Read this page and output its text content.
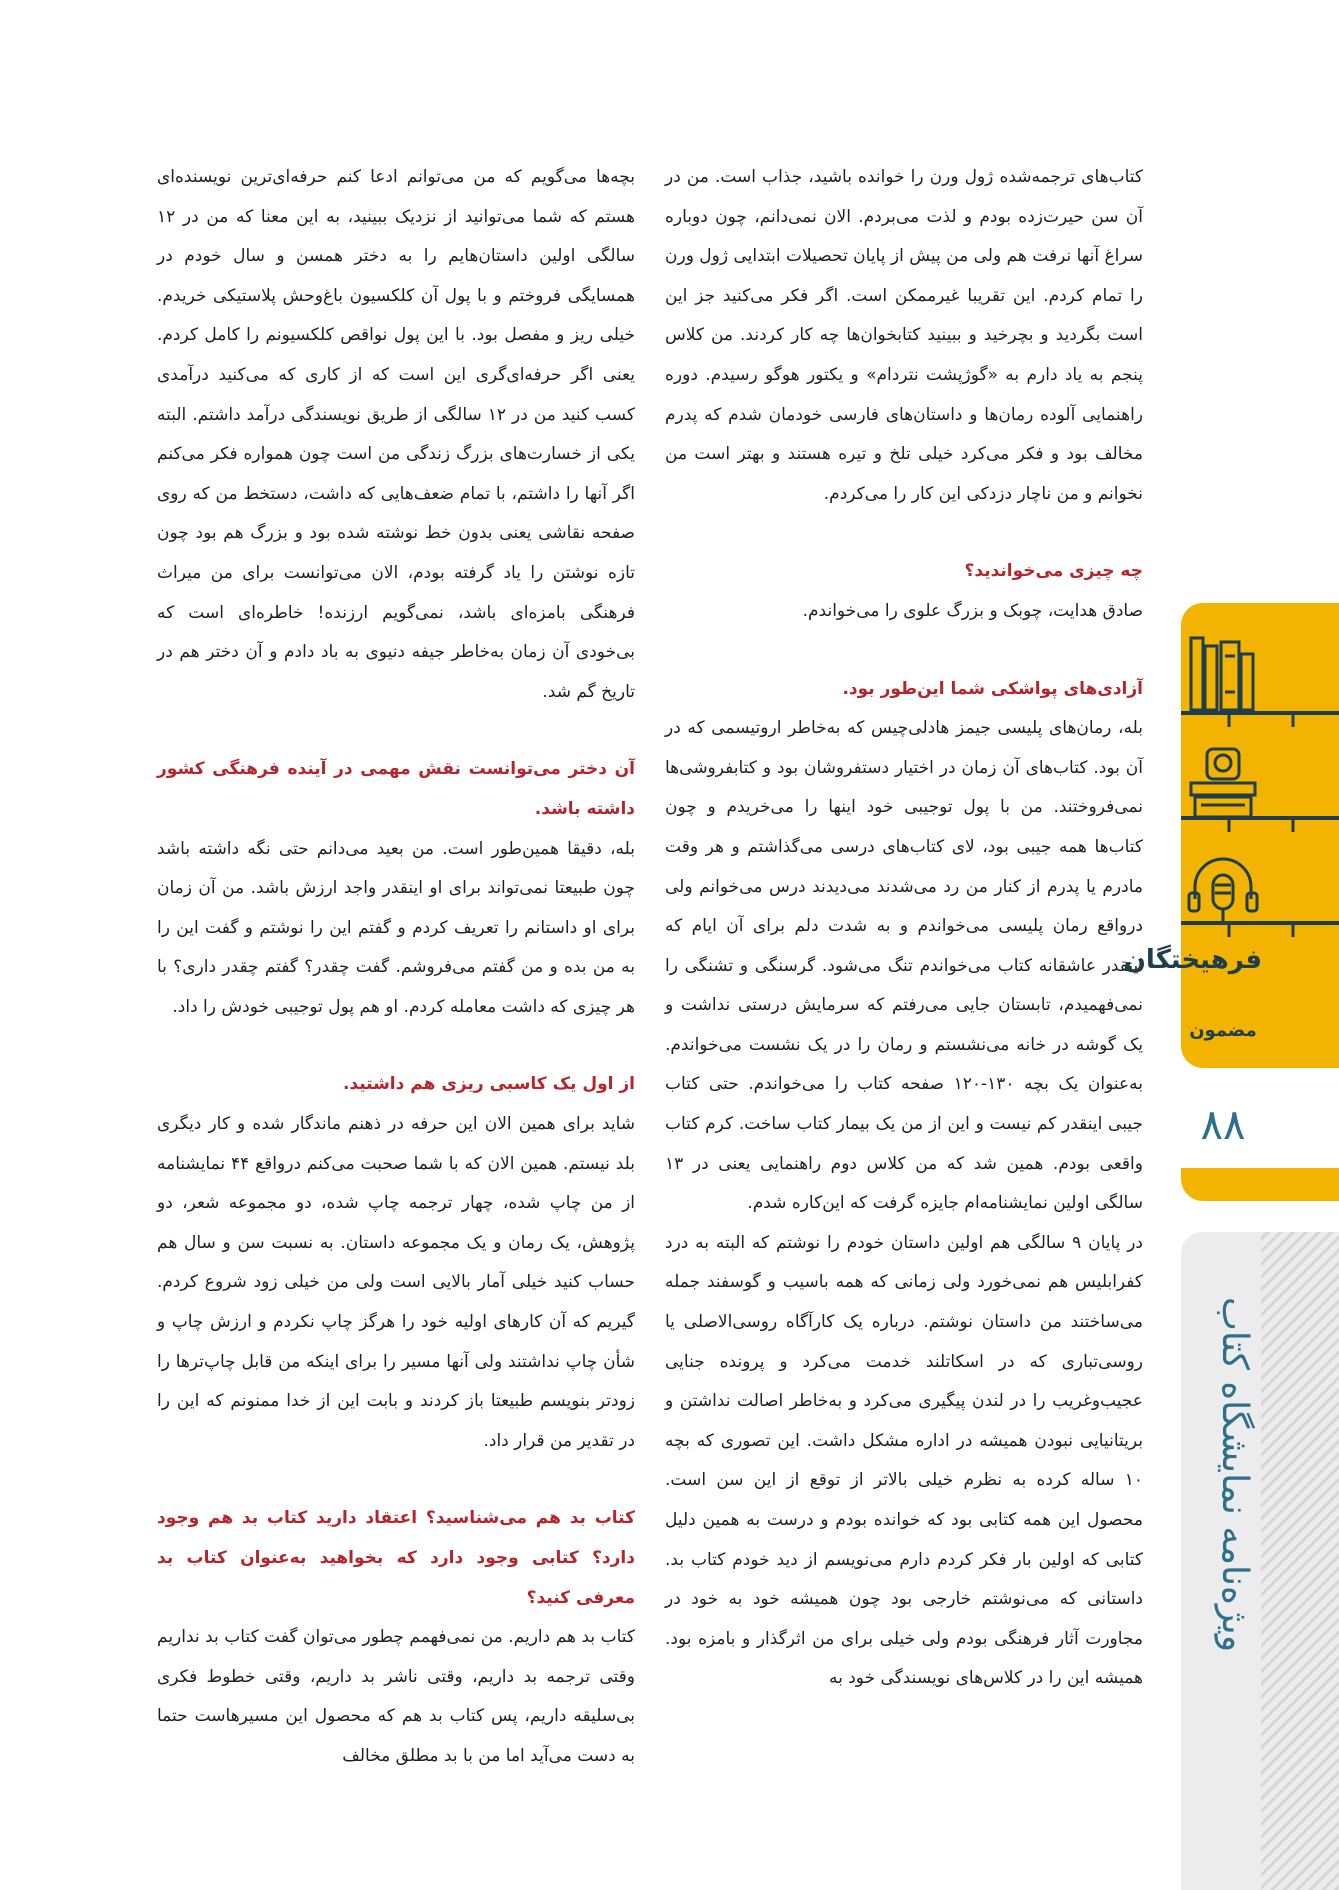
کتاب‌های ترجمه‌شده ژول ورن را خوانده باشید، جذاب است. من در آن سن حیرت‌زده بودم و لذت می‌بردم. الان نمی‌دانم، چون دوباره سراغ آنها نرفت هم ولی من پیش از پایان تحصیلات ابتدایی ژول ورن را تمام کردم. این تقریبا غیرممکن است. اگر فکر می‌کنید جز این است بگردید و بچرخید و ببینید کتابخوان‌ها چه کار کردند. من کلاس پنجم به یاد دارم به «گوژپشت نتردام» و یکتور هوگو رسیدم. دوره راهنمایی آلوده رمان‌ها و داستان‌های فارسی خودمان شدم که پدرم مخالف بود و فکر می‌کرد خیلی تلخ و تیره هستند و بهتر است من نخوانم و من ناچار دزدکی این کار را می‌کردم.

چه چیزی می‌خواندید؟

صادق هدایت، چوبک و بزرگ علوی را می‌خواندم.

آزادی‌های پواشکی شما این‌طور بود.

بله، رمان‌های پلیسی جیمز هادلی‌چیس که به‌خاطر اروتیسمی که در آن بود. کتاب‌های آن زمان در اختیار دستفروشان بود و کتابفروشی‌ها نمی‌فروختند. من با پول توجیبی خود اینها را می‌خریدم و چون کتاب‌ها همه جیبی بود، لای کتاب‌های درسی می‌گذاشتم و هر وقت مادرم یا پدرم از کنار من رد می‌شدند می‌دیدند درس می‌خوانم ولی درواقع رمان پلیسی می‌خواندم و به شدت دلم برای آن ایام که اینقدر عاشقانه کتاب می‌خواندم تنگ می‌شود. گرسنگی و تشنگی را نمی‌فهمیدم، تابستان جایی می‌رفتم که سرمایش درستی نداشت و یک گوشه در خانه می‌نشستم و رمان را در یک نشست می‌خواندم. به‌عنوان یک بچه ۱۳۰-۱۲۰ صفحه کتاب را می‌خواندم. حتی کتاب جیبی اینقدر کم نیست و این از من یک بیمار کتاب ساخت. کرم کتاب واقعی بودم. همین شد که من کلاس دوم راهنمایی یعنی در ۱۳ سالگی اولین نمایشنامه‌ام جایزه گرفت که این‌کاره شدم.

در پایان ۹ سالگی هم اولین داستان خودم را نوشتم که البته به درد کفرابلیس هم نمی‌خورد ولی زمانی که همه باسیب و گوسفند جمله می‌ساختند من داستان نوشتم. درباره یک کارآگاه روسی‌الاصلی یا روسی‌تباری که در اسکاتلند خدمت می‌کرد و پرونده جنایی عجیب‌وغریب را در لندن پیگیری می‌کرد و به‌خاطر اصالت نداشتن و بریتانیایی نبودن همیشه در اداره مشکل داشت. این تصوری که بچه ۱۰ ساله کرده به نظرم خیلی بالاتر از توقع از این سن است. محصول این همه کتابی بود که خوانده بودم و درست به همین دلیل کتابی که اولین بار فکر کردم دارم می‌نویسم از دید خودم کتاب بد. داستانی که می‌نوشتم خارجی بود چون همیشه خود به خود در مجاورت آثار فرهنگی بودم ولی خیلی برای من اثرگذار و بامزه بود. همیشه این را در کلاس‌های نویسندگی خود به

بچه‌ها می‌گویم که من می‌توانم ادعا کنم حرفه‌ای‌ترین نویسنده‌ای هستم که شما می‌توانید از نزدیک ببینید، به این معنا که من در ۱۲ سالگی اولین داستان‌هایم را به دختر همسن و سال خودم در همسایگی فروختم و با پول آن کلکسیون باغ‌وحش پلاستیکی خریدم. خیلی ریز و مفصل بود. با این پول نواقص کلکسیونم را کامل کردم. یعنی اگر حرفه‌ای‌گری این است که از کاری که می‌کنید درآمدی کسب کنید من در ۱۲ سالگی از طریق نویسندگی درآمد داشتم. البته یکی از خسارت‌های بزرگ زندگی من است چون همواره فکر می‌کنم اگر آنها را داشتم، با تمام ضعف‌هایی که داشت، دستخط من که روی صفحه نقاشی یعنی بدون خط نوشته شده بود و بزرگ هم بود چون تازه نوشتن را یاد گرفته بودم، الان می‌توانست برای من میراث فرهنگی بامزه‌ای باشد، نمی‌گویم ارزنده! خاطره‌ای است که بی‌خودی آن زمان به‌خاطر جیفه دنیوی به باد دادم و آن دختر هم در تاریخ گم شد.

آن دختر می‌توانست نقش مهمی در آینده فرهنگی کشور داشته باشد.

بله، دقیقا همین‌طور است. من بعید می‌دانم حتی نگه داشته باشد چون طبیعتا نمی‌تواند برای او اینقدر واجد ارزش باشد. من آن زمان برای او داستانم را تعریف کردم و گفتم این را نوشتم و گفت این را به من بده و من گفتم می‌فروشم. گفت چقدر؟ گفتم چقدر داری؟ با هر چیزی که داشت معامله کردم. او هم پول توجیبی خودش را داد.

از اول یک کاسبی ریزی هم داشتید.

شاید برای همین الان این حرفه در ذهنم ماندگار شده و کار دیگری بلد نیستم. همین الان که با شما صحبت می‌کنم درواقع ۴۴ نمایشنامه از من چاپ شده، چهار ترجمه چاپ شده، دو مجموعه شعر، دو پژوهش، یک رمان و یک مجموعه داستان. به نسبت سن و سال هم حساب کنید خیلی آمار بالایی است ولی من خیلی زود شروع کردم. گیریم که آن کارهای اولیه خود را هرگز چاپ نکردم و ارزش چاپ و شأن چاپ نداشتند ولی آنها مسیر را برای اینکه من قابل چاپ‌ترها را زودتر بنویسم طبیعتا باز کردند و بابت این از خدا ممنونم که این را در تقدیر من قرار داد.

کتاب بد هم می‌شناسید؟ اعتقاد دارید کتاب بد هم وجود دارد؟ کتابی وجود دارد که بخواهید به‌عنوان کتاب بد معرفی کنید؟

کتاب بد هم داریم. من نمی‌فهمم چطور می‌توان گفت کتاب بد نداریم وقتی ترجمه بد داریم، وقتی ناشر بد داریم، وقتی خطوط فکری بی‌سلیقه داریم، پس کتاب بد هم که محصول این مسیرهاست حتما به دست می‌آید اما من با بد مطلق مخالف

۸۸
ویژه‌نامه نمایشگاه کتاب
فرهیختگان
مضمون
